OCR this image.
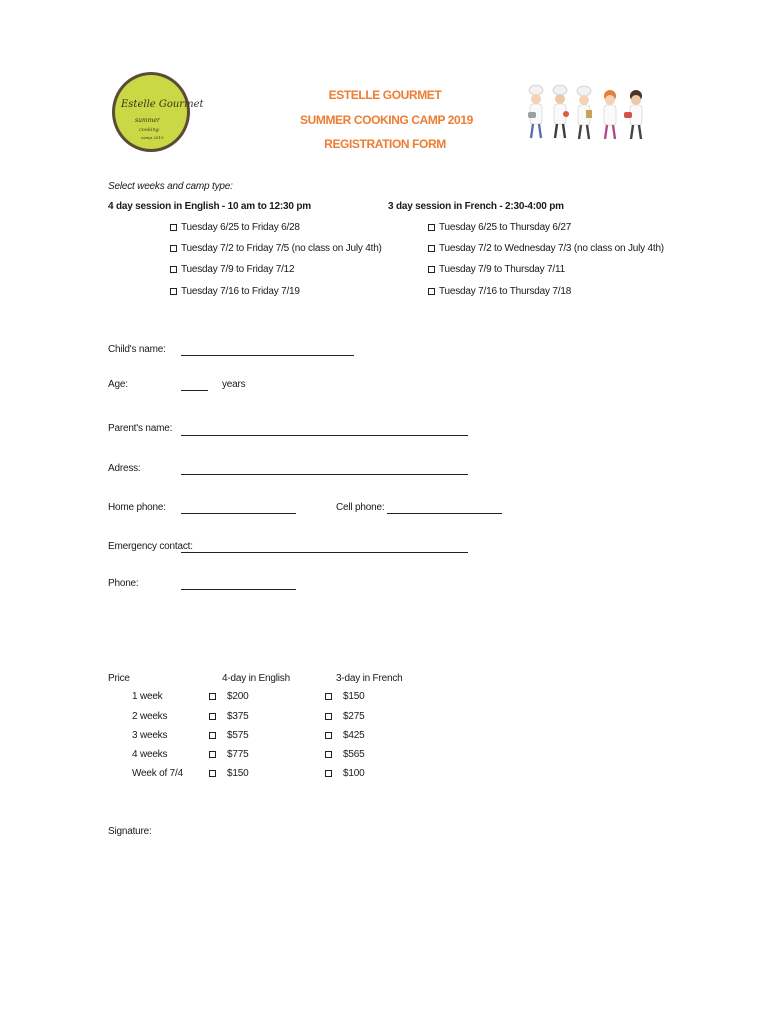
Estelle Gourmet
summer
cooking
camp 2019
ESTELLE GOURMET
SUMMER COOKING CAMP 2019
REGISTRATION FORM
Select weeks and camp type:
4 day session in English - 10 am to 12:30 pm	3 day session in French - 2:30-4:00 pm
Tuesday 6/25 to Friday 6/28
Tuesday 7/2 to Friday 7/5 (no class on July 4th)
Tuesday 7/9 to Friday 7/12
Tuesday 7/16 to Friday 7/19
Tuesday 6/25 to Thursday 6/27
Tuesday 7/2 to Wednesday 7/3 (no class on July 4th)
Tuesday 7/9 to Thursday 7/11
Tuesday 7/16 to Thursday 7/18
Child's name:
Age:	years
Parent's name:
Adress:
Home phone:	Cell phone:
Emergency contact:
Phone:
Price	4-day in English	3-day in French
1 week	$200	$150
2 weeks	$375	$275
3 weeks	$575	$425
4 weeks	$775	$565
Week of 7/4	$150	$100
Signature:
